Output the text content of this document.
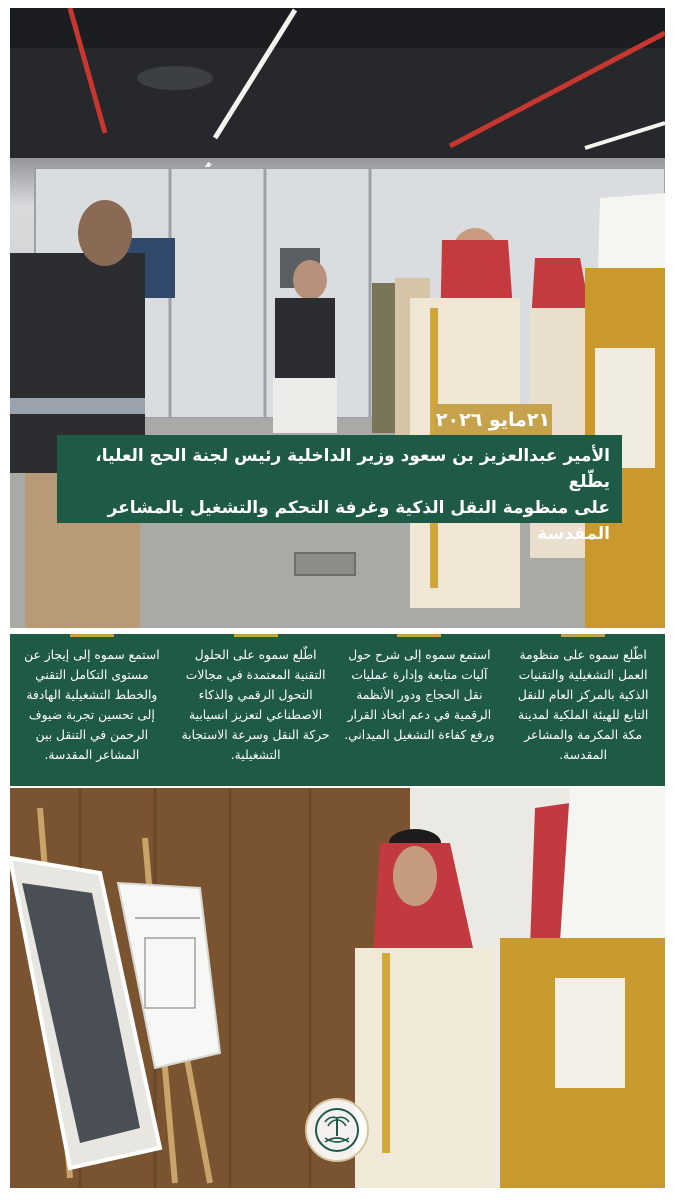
٢١مايو ٢٠٢٦
الأمير عبدالعزيز بن سعود وزير الداخلية رئيس لجنة الحج العليا، يطّلع
على منظومة النقل الذكية وغرفة التحكم والتشغيل بالمشاعر المقدسة
اطّلع سموه على منظومة العمل التشغيلية والتقنيات الذكية بالمركز العام للنقل التابع للهيئة الملكية لمدينة مكة المكرمة والمشاعر المقدسة.
استمع سموه إلى شرح حول آليات متابعة وإدارة عمليات نقل الحجاج ودور الأنظمة الرقمية في دعم اتخاذ القرار ورفع كفاءة التشغيل الميداني.
اطّلع سموه على الحلول التقنية المعتمدة في مجالات التحول الرقمي والذكاء الاصطناعي لتعزيز انسيابية حركة النقل وسرعة الاستجابة التشغيلية.
استمع سموه إلى إيجاز عن مستوى التكامل التقني والخطط التشغيلية الهادفة إلى تحسين تجربة ضيوف الرحمن في التنقل بين المشاعر المقدسة.
